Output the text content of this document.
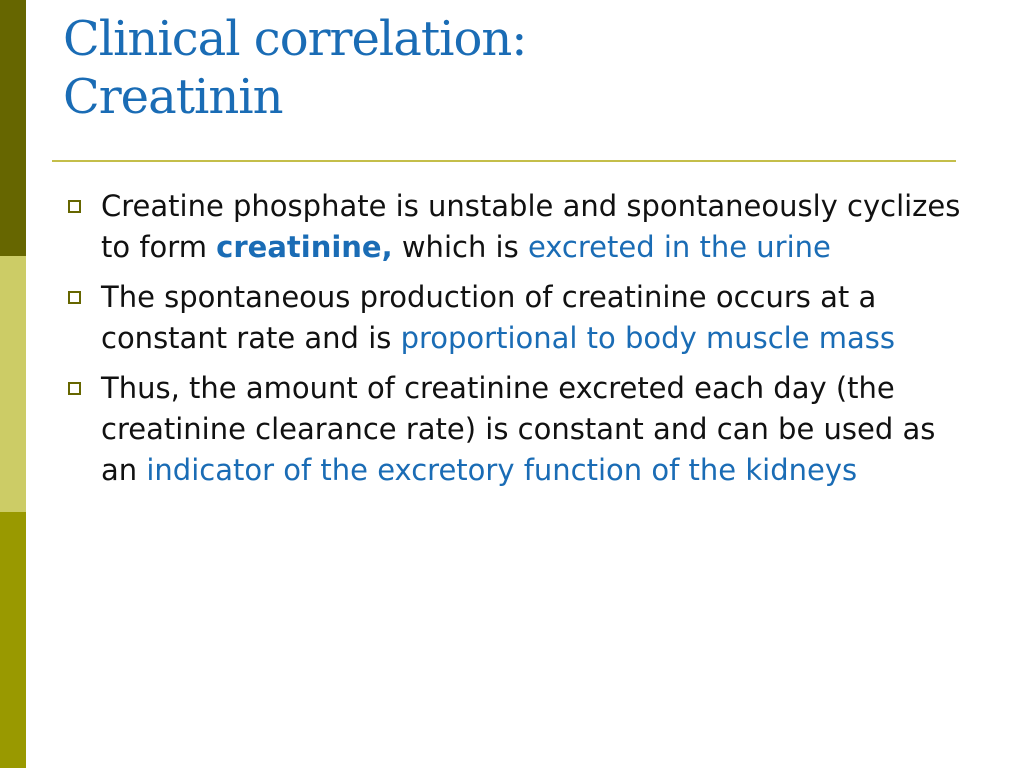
Clinical correlation:
Creatinin
Creatine phosphate is unstable and spontaneously cyclizes to form creatinine, which is excreted in the urine
The spontaneous production of creatinine occurs at a constant rate and is proportional to body muscle mass
Thus, the amount of creatinine excreted each day (the creatinine clearance rate) is constant and can be used as an indicator of the excretory function of the kidneys
